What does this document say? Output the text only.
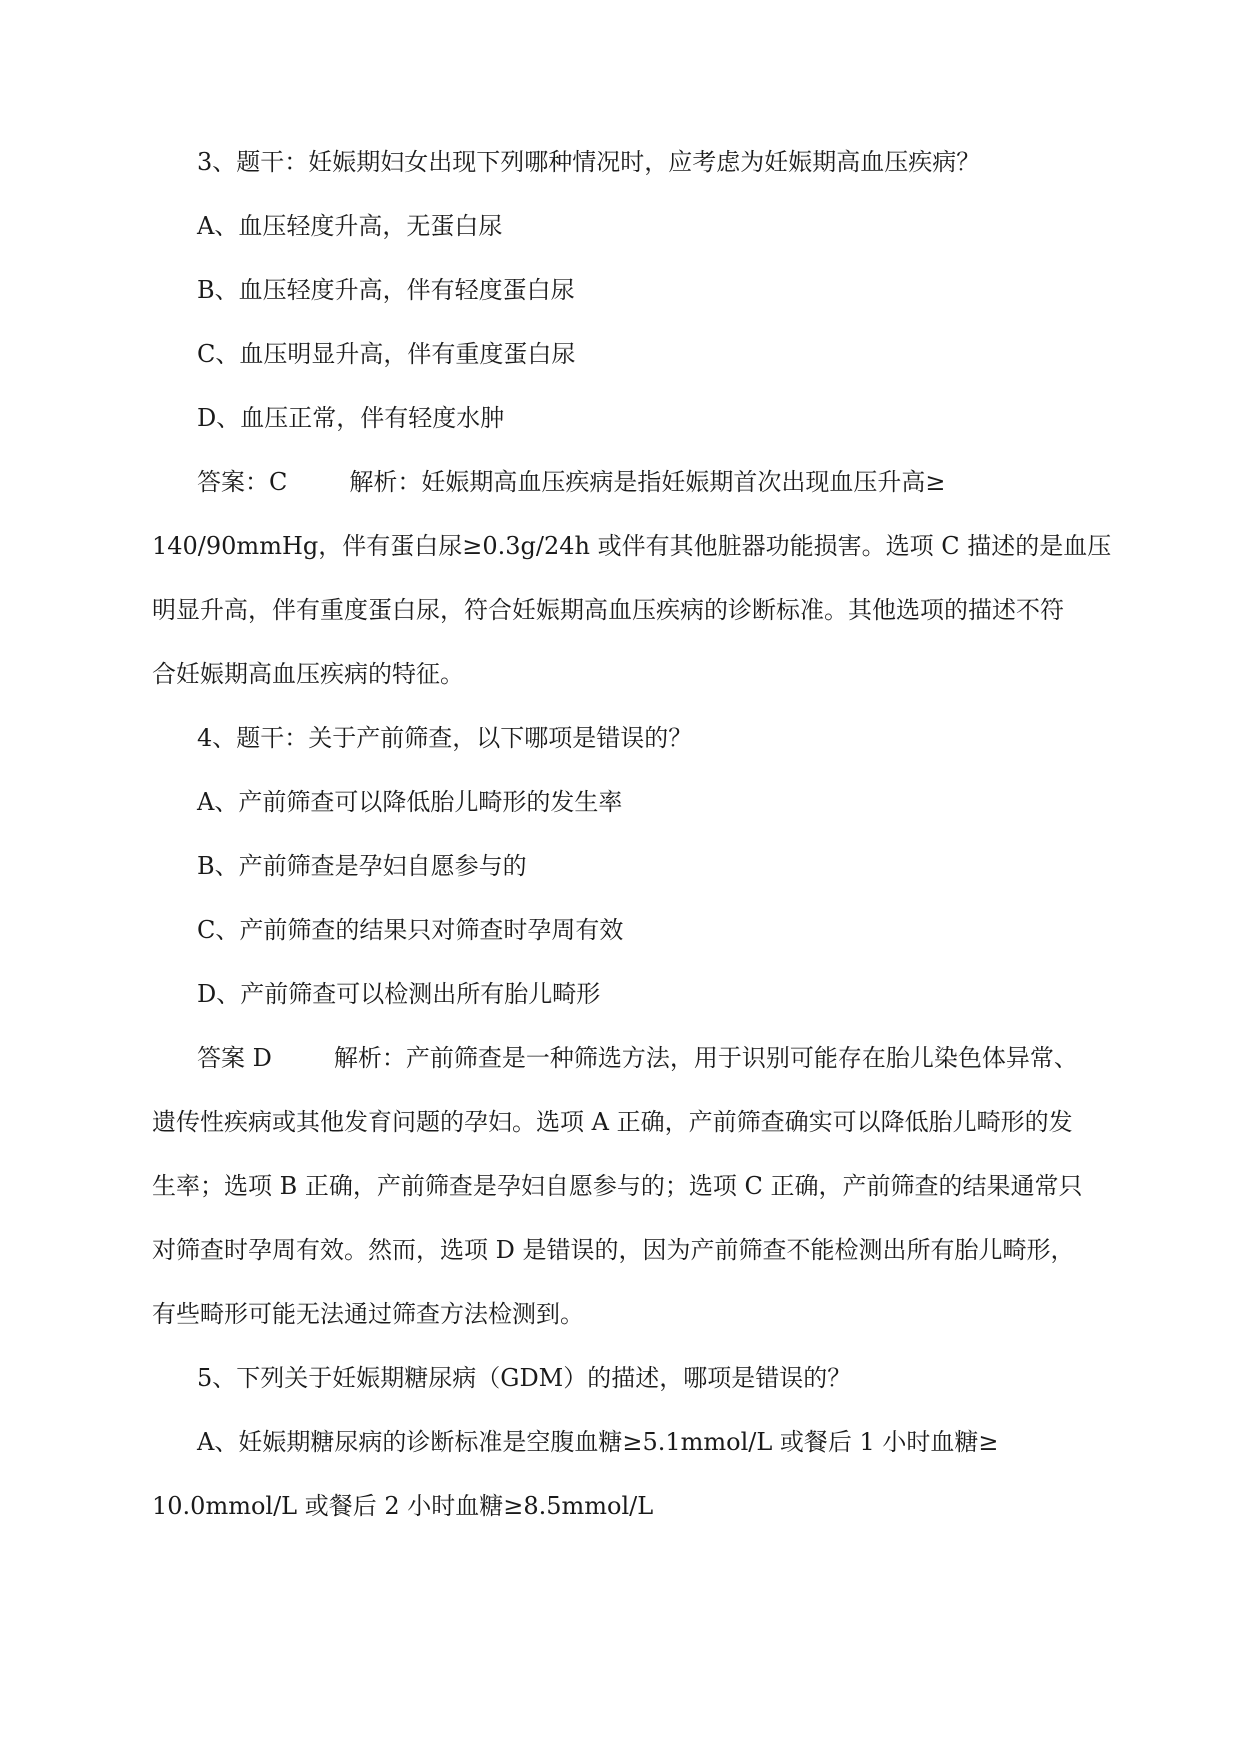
3、题干：妊娠期妇女出现下列哪种情况时，应考虑为妊娠期高血压疾病？
A、血压轻度升高，无蛋白尿
B、血压轻度升高，伴有轻度蛋白尿
C、血压明显升高，伴有重度蛋白尿
D、血压正常，伴有轻度水肿
答案：C	解析：妊娠期高血压疾病是指妊娠期首次出现血压升高≥
140/90mmHg，伴有蛋白尿≥0.3g/24h 或伴有其他脏器功能损害。选项 C 描述的是血压
明显升高，伴有重度蛋白尿，符合妊娠期高血压疾病的诊断标准。其他选项的描述不符
合妊娠期高血压疾病的特征。
4、题干：关于产前筛查，以下哪项是错误的？
A、产前筛查可以降低胎儿畸形的发生率
B、产前筛查是孕妇自愿参与的
C、产前筛查的结果只对筛查时孕周有效
D、产前筛查可以检测出所有胎儿畸形
答案 D	解析：产前筛查是一种筛选方法，用于识别可能存在胎儿染色体异常、
遗传性疾病或其他发育问题的孕妇。选项 A 正确，产前筛查确实可以降低胎儿畸形的发
生率；选项 B 正确，产前筛查是孕妇自愿参与的；选项 C 正确，产前筛查的结果通常只
对筛查时孕周有效。然而，选项 D 是错误的，因为产前筛查不能检测出所有胎儿畸形，
有些畸形可能无法通过筛查方法检测到。
5、下列关于妊娠期糖尿病（GDM）的描述，哪项是错误的？
A、妊娠期糖尿病的诊断标准是空腹血糖≥5.1mmol/L 或餐后 1 小时血糖≥
10.0mmol/L 或餐后 2 小时血糖≥8.5mmol/L
